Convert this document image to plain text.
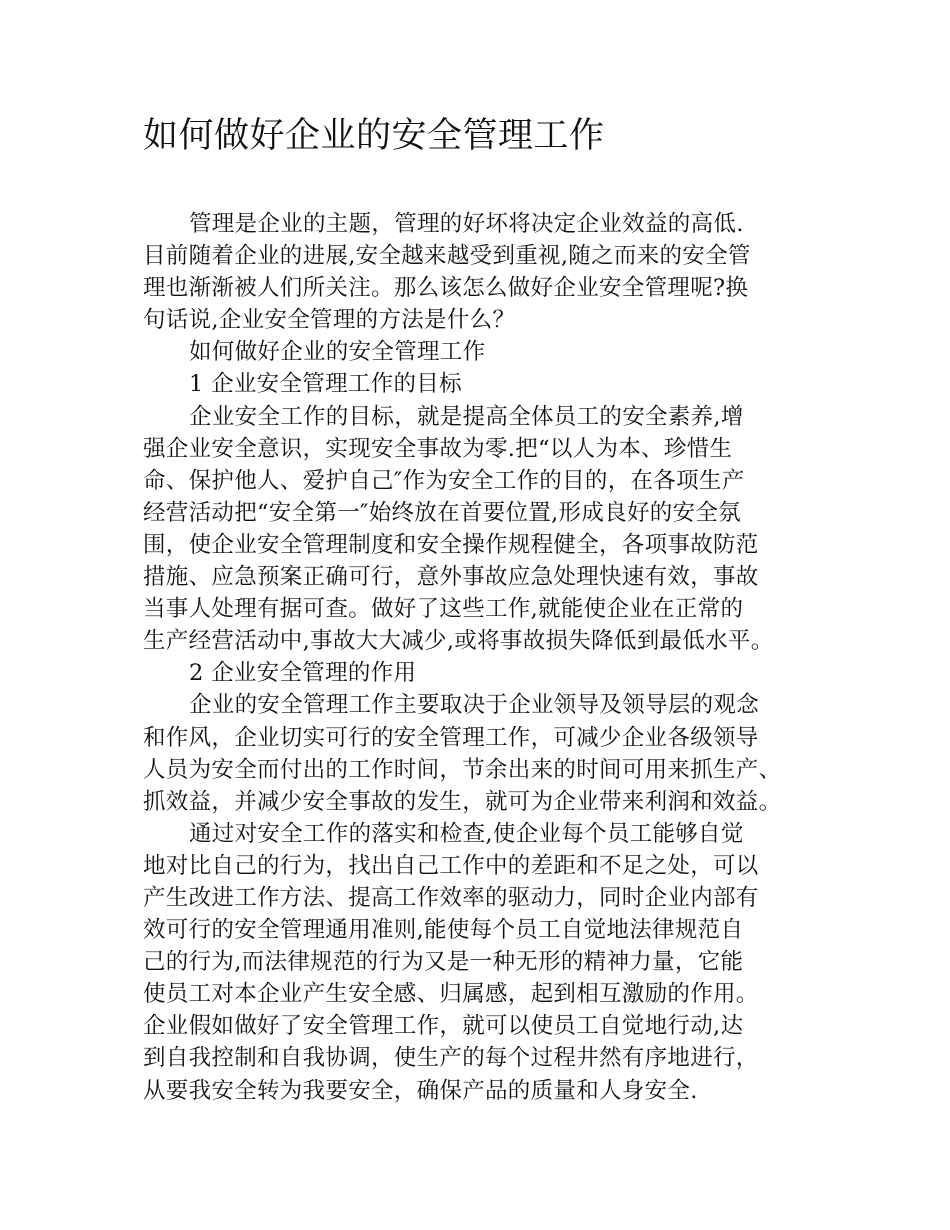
如何做好企业的安全管理工作
管理是企业的主题，管理的好坏将决定企业效益的高低.
目前随着企业的进展,安全越来越受到重视,随之而来的安全管
理也渐渐被人们所关注。那么该怎么做好企业安全管理呢?换
句话说,企业安全管理的方法是什么？
如何做好企业的安全管理工作
1 企业安全管理工作的目标
企业安全工作的目标，就是提高全体员工的安全素养,增
强企业安全意识，实现安全事故为零.把“以人为本、珍惜生
命、保护他人、爱护自己″作为安全工作的目的，在各项生产
经营活动把“安全第一″始终放在首要位置,形成良好的安全氛
围，使企业安全管理制度和安全操作规程健全，各项事故防范
措施、应急预案正确可行，意外事故应急处理快速有效，事故
当事人处理有据可查。做好了这些工作,就能使企业在正常的
生产经营活动中,事故大大减少,或将事故损失降低到最低水平。
2 企业安全管理的作用
企业的安全管理工作主要取决于企业领导及领导层的观念
和作风，企业切实可行的安全管理工作，可减少企业各级领导
人员为安全而付出的工作时间，节余出来的时间可用来抓生产、
抓效益，并减少安全事故的发生，就可为企业带来利润和效益。
通过对安全工作的落实和检查,使企业每个员工能够自觉
地对比自己的行为，找出自己工作中的差距和不足之处，可以
产生改进工作方法、提高工作效率的驱动力，同时企业内部有
效可行的安全管理通用准则,能使每个员工自觉地法律规范自
己的行为,而法律规范的行为又是一种无形的精神力量，它能
使员工对本企业产生安全感、归属感，起到相互激励的作用。
企业假如做好了安全管理工作，就可以使员工自觉地行动,达
到自我控制和自我协调，使生产的每个过程井然有序地进行，
从要我安全转为我要安全，确保产品的质量和人身安全.
